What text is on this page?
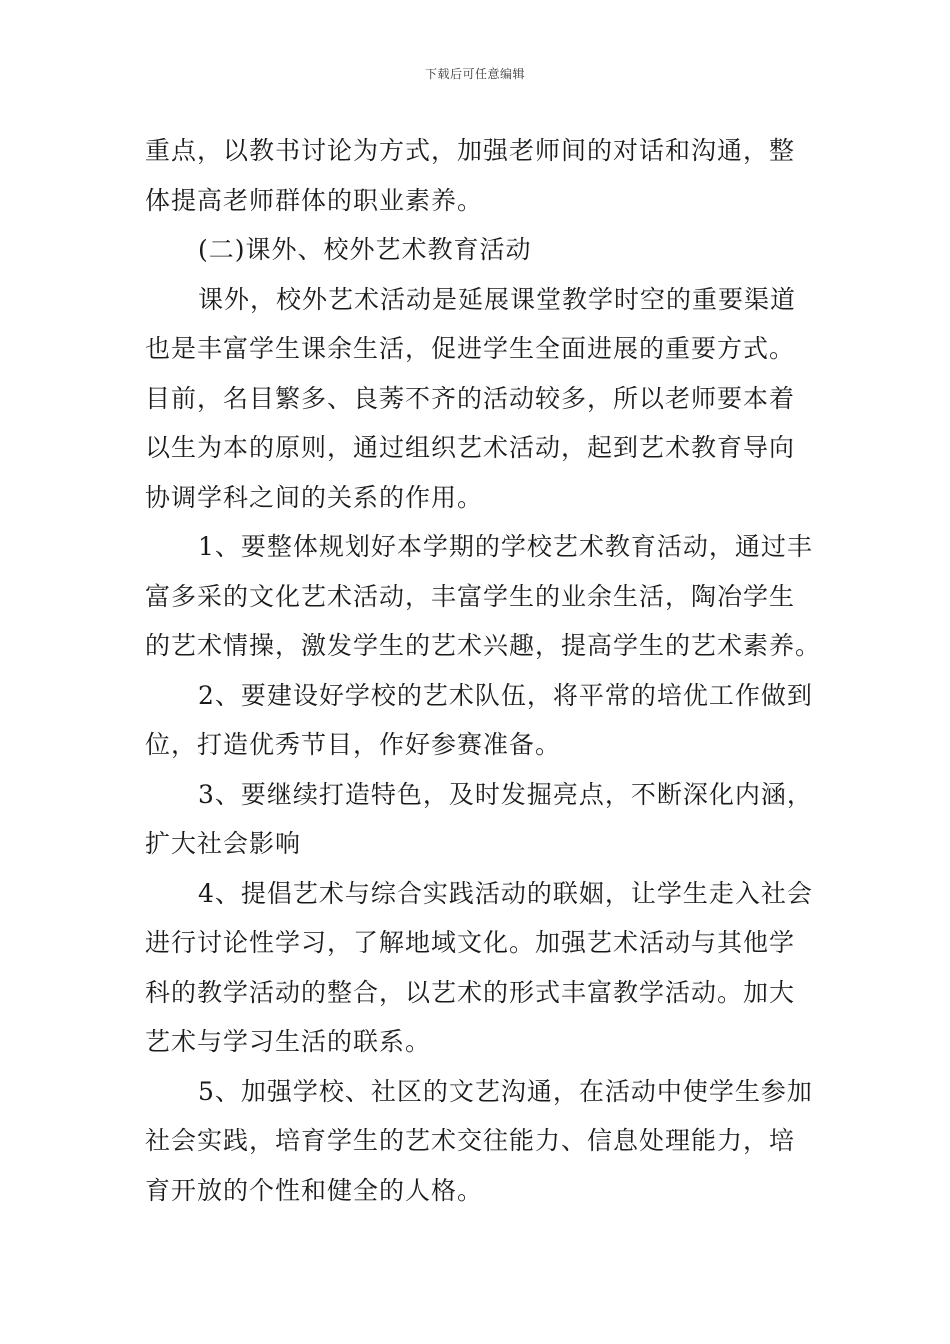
下载后可任意编辑
重点，以教书讨论为方式，加强老师间的对话和沟通，整
体提高老师群体的职业素养。
(二)课外、校外艺术教育活动
课外，校外艺术活动是延展课堂教学时空的重要渠道
也是丰富学生课余生活，促进学生全面进展的重要方式。
目前，名目繁多、良莠不齐的活动较多，所以老师要本着
以生为本的原则，通过组织艺术活动，起到艺术教育导向
协调学科之间的关系的作用。
1、要整体规划好本学期的学校艺术教育活动，通过丰
富多采的文化艺术活动，丰富学生的业余生活，陶冶学生
的艺术情操，激发学生的艺术兴趣，提高学生的艺术素养。
2、要建设好学校的艺术队伍，将平常的培优工作做到
位，打造优秀节目，作好参赛准备。
3、要继续打造特色，及时发掘亮点，不断深化内涵，
扩大社会影响
4、提倡艺术与综合实践活动的联姻，让学生走入社会
进行讨论性学习，了解地域文化。加强艺术活动与其他学
科的教学活动的整合，以艺术的形式丰富教学活动。加大
艺术与学习生活的联系。
5、加强学校、社区的文艺沟通，在活动中使学生参加
社会实践，培育学生的艺术交往能力、信息处理能力，培
育开放的个性和健全的人格。
